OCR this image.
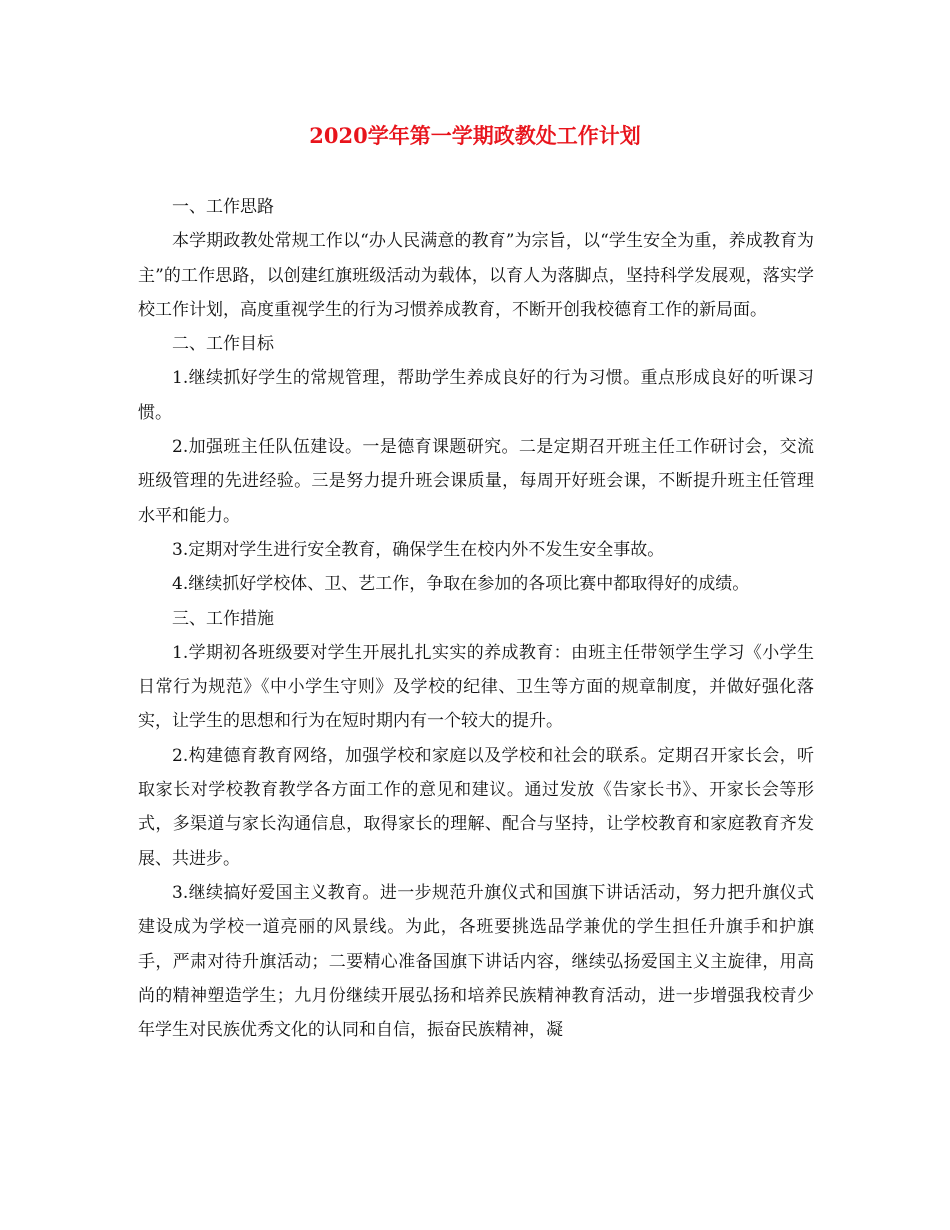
2020学年第一学期政教处工作计划

一、工作思路

本学期政教处常规工作以“办人民满意的教育”为宗旨，以“学生安全为重，养成教育为主”的工作思路，以创建红旗班级活动为载体，以育人为落脚点，坚持科学发展观，落实学校工作计划，高度重视学生的行为习惯养成教育，不断开创我校德育工作的新局面。

二、工作目标

1.继续抓好学生的常规管理，帮助学生养成良好的行为习惯。重点形成良好的听课习惯。

2.加强班主任队伍建设。一是德育课题研究。二是定期召开班主任工作研讨会，交流班级管理的先进经验。三是努力提升班会课质量，每周开好班会课，不断提升班主任管理水平和能力。

3.定期对学生进行安全教育，确保学生在校内外不发生安全事故。

4.继续抓好学校体、卫、艺工作，争取在参加的各项比赛中都取得好的成绩。

三、工作措施

1.学期初各班级要对学生开展扎扎实实的养成教育：由班主任带领学生学习《小学生日常行为规范》《中小学生守则》及学校的纪律、卫生等方面的规章制度，并做好强化落实，让学生的思想和行为在短时期内有一个较大的提升。

2.构建德育教育网络，加强学校和家庭以及学校和社会的联系。定期召开家长会，听取家长对学校教育教学各方面工作的意见和建议。通过发放《告家长书》、开家长会等形式，多渠道与家长沟通信息，取得家长的理解、配合与坚持，让学校教育和家庭教育齐发展、共进步。

3.继续搞好爱国主义教育。进一步规范升旗仪式和国旗下讲话活动，努力把升旗仪式建设成为学校一道亮丽的风景线。为此，各班要挑选品学兼优的学生担任升旗手和护旗手，严肃对待升旗活动；二要精心准备国旗下讲话内容，继续弘扬爱国主义主旋律，用高尚的精神塑造学生；九月份继续开展弘扬和培养民族精神教育活动，进一步增强我校青少年学生对民族优秀文化的认同和自信，振奋民族精神，凝
